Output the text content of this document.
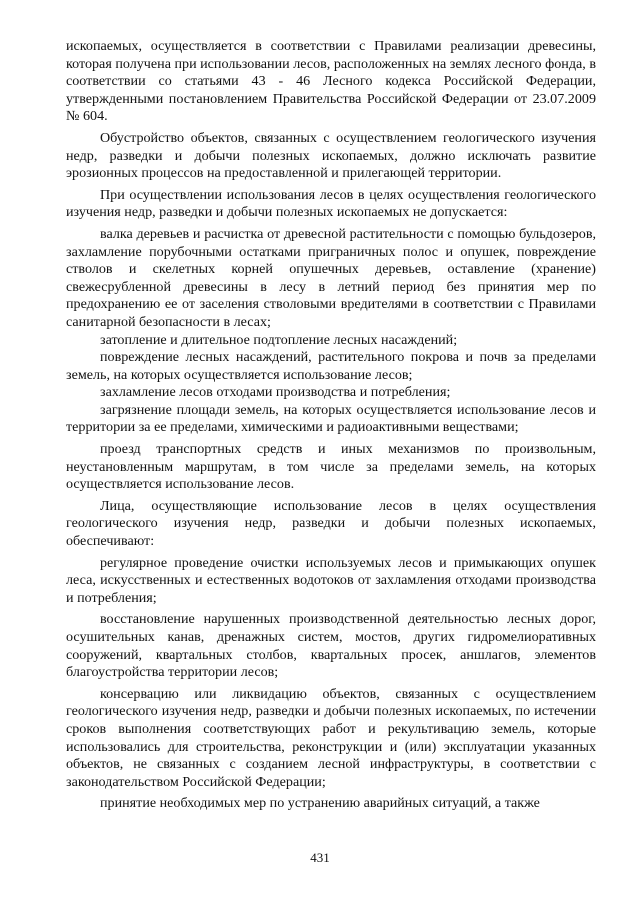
ископаемых, осуществляется в соответствии с Правилами реализации древесины, которая получена при использовании лесов, расположенных на землях лесного фонда, в соответствии со статьями 43 - 46 Лесного кодекса Российской Федерации, утвержденными постановлением Правительства Российской Федерации от 23.07.2009 № 604.

Обустройство объектов, связанных с осуществлением геологического изучения недр, разведки и добычи полезных ископаемых, должно исключать развитие эрозионных процессов на предоставленной и прилегающей территории.

При осуществлении использования лесов в целях осуществления геологического изучения недр, разведки и добычи полезных ископаемых не допускается:

валка деревьев и расчистка от древесной растительности с помощью бульдозеров, захламление порубочными остатками приграничных полос и опушек, повреждение стволов и скелетных корней опушечных деревьев, оставление (хранение) свежесрубленной древесины в лесу в летний период без принятия мер по предохранению ее от заселения стволовыми вредителями в соответствии с Правилами санитарной безопасности в лесах;

затопление и длительное подтопление лесных насаждений;

повреждение лесных насаждений, растительного покрова и почв за пределами земель, на которых осуществляется использование лесов;

захламление лесов отходами производства и потребления;

загрязнение площади земель, на которых осуществляется использование лесов и территории за ее пределами, химическими и радиоактивными веществами;

проезд транспортных средств и иных механизмов по произвольным, неустановленным маршрутам, в том числе за пределами земель, на которых осуществляется использование лесов.

Лица, осуществляющие использование лесов в целях осуществления геологического изучения недр, разведки и добычи полезных ископаемых, обеспечивают:

регулярное проведение очистки используемых лесов и примыкающих опушек леса, искусственных и естественных водотоков от захламления отходами производства и потребления;

восстановление нарушенных производственной деятельностью лесных дорог, осушительных канав, дренажных систем, мостов, других гидромелиоративных сооружений, квартальных столбов, квартальных просек, аншлагов, элементов благоустройства территории лесов;

консервацию или ликвидацию объектов, связанных с осуществлением геологического изучения недр, разведки и добычи полезных ископаемых, по истечении сроков выполнения соответствующих работ и рекультивацию земель, которые использовались для строительства, реконструкции и (или) эксплуатации указанных объектов, не связанных с созданием лесной инфраструктуры, в соответствии с законодательством Российской Федерации;

принятие необходимых мер по устранению аварийных ситуаций, а также

431
